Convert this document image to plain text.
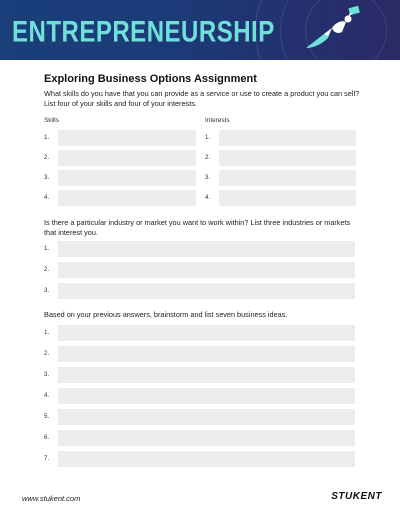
ENTREPRENEURSHIP
Exploring Business Options Assignment
What skills do you have that you can provide as a service or use to create a product you can sell? List four of your skills and four of your interests.
Skills	Interests
1.
2.
3.
4.
1.
2.
3.
4.
Is there a particular industry or market you want to work within? List three industries or markets that interest you.
1.
2.
3.
Based on your previous answers, brainstorm and list seven business ideas.
1.
2.
3.
4.
5.
6.
7.
www.stukent.com	STUKENT
